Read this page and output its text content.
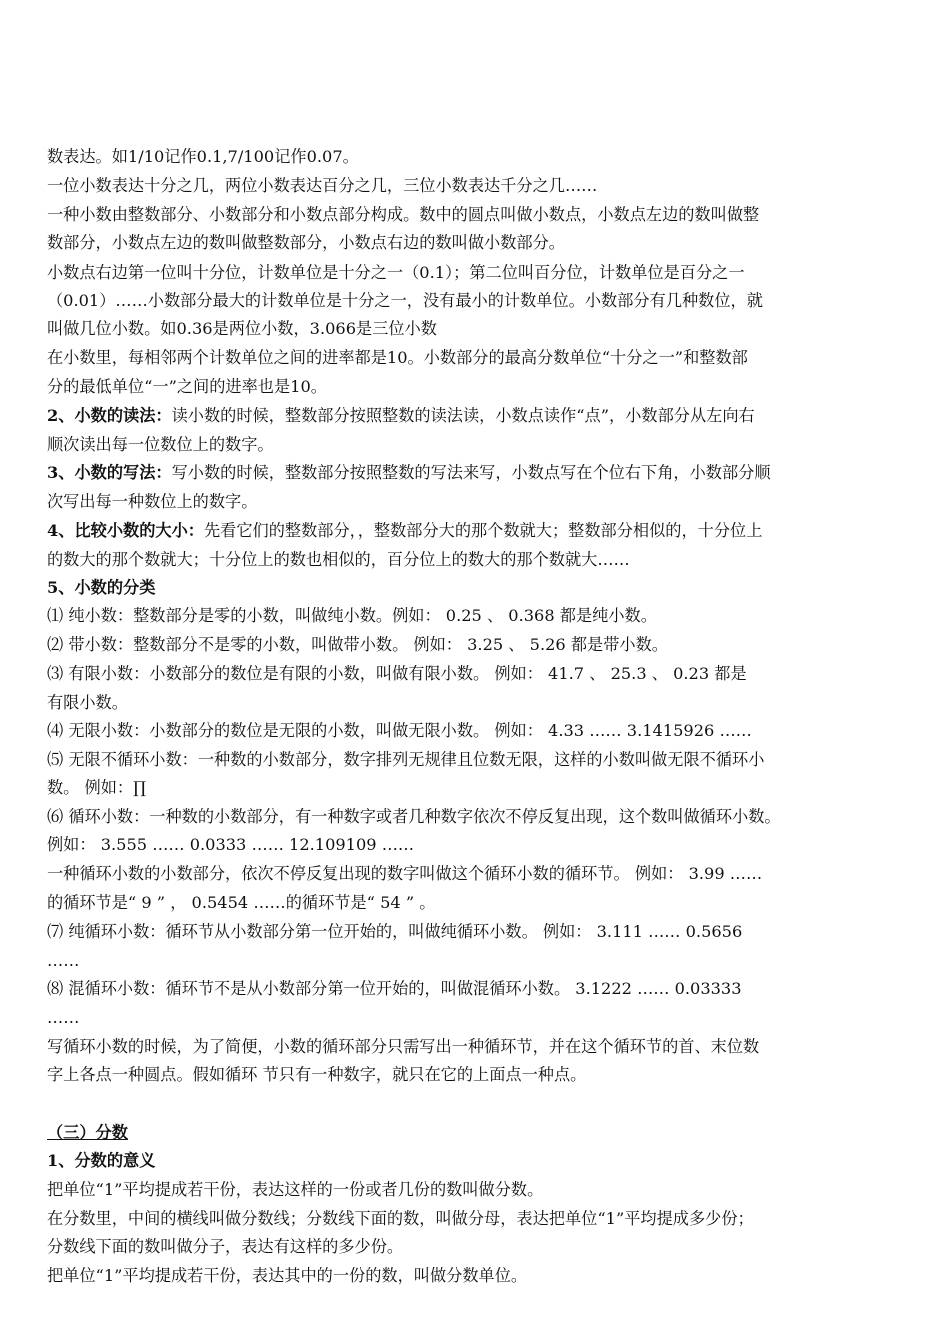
数表达。如1/10记作0.1,7/100记作0.07。
一位小数表达十分之几，两位小数表达百分之几，三位小数表达千分之几……
一种小数由整数部分、小数部分和小数点部分构成。数中的圆点叫做小数点，小数点左边的数叫做整
数部分，小数点左边的数叫做整数部分，小数点右边的数叫做小数部分。
小数点右边第一位叫十分位，计数单位是十分之一（0.1）；第二位叫百分位，计数单位是百分之一
（0.01）……小数部分最大的计数单位是十分之一，没有最小的计数单位。小数部分有几种数位，就
叫做几位小数。如0.36是两位小数，3.066是三位小数
在小数里，每相邻两个计数单位之间的进率都是10。小数部分的最高分数单位“十分之一”和整数部
分的最低单位“一”之间的进率也是10。
2、小数的读法：读小数的时候，整数部分按照整数的读法读，小数点读作“点”，小数部分从左向右
顺次读出每一位数位上的数字。
3、小数的写法：写小数的时候，整数部分按照整数的写法来写，小数点写在个位右下角，小数部分顺
次写出每一种数位上的数字。
4、比较小数的大小：先看它们的整数部分，，整数部分大的那个数就大；整数部分相似的，十分位上
的数大的那个数就大；十分位上的数也相似的，百分位上的数大的那个数就大……
5、小数的分类
⑴ 纯小数：整数部分是零的小数，叫做纯小数。例如： 0.25 、 0.368 都是纯小数。
⑵ 带小数：整数部分不是零的小数，叫做带小数。 例如： 3.25 、 5.26 都是带小数。
⑶ 有限小数：小数部分的数位是有限的小数，叫做有限小数。 例如： 41.7 、 25.3 、 0.23 都是
有限小数。
⑷ 无限小数：小数部分的数位是无限的小数，叫做无限小数。 例如： 4.33 …… 3.1415926 ……
⑸ 无限不循环小数：一种数的小数部分，数字排列无规律且位数无限，这样的小数叫做无限不循环小
数。 例如：∏
⑹ 循环小数：一种数的小数部分，有一种数字或者几种数字依次不停反复出现，这个数叫做循环小数。
例如： 3.555 …… 0.0333 …… 12.109109 ……
一种循环小数的小数部分，依次不停反复出现的数字叫做这个循环小数的循环节。 例如： 3.99 ……
的循环节是“ 9 ” ， 0.5454 ……的循环节是“ 54 ” 。
⑺ 纯循环小数：循环节从小数部分第一位开始的，叫做纯循环小数。 例如： 3.111 …… 0.5656
……
⑻ 混循环小数：循环节不是从小数部分第一位开始的，叫做混循环小数。 3.1222 …… 0.03333
……
写循环小数的时候，为了简便，小数的循环部分只需写出一种循环节，并在这个循环节的首、末位数
字上各点一种圆点。假如循环 节只有一种数字，就只在它的上面点一种点。
（三）分数
1、分数的意义
把单位“1”平均提成若干份，表达这样的一份或者几份的数叫做分数。
在分数里，中间的横线叫做分数线；分数线下面的数，叫做分母，表达把单位“1”平均提成多少份；
分数线下面的数叫做分子，表达有这样的多少份。
把单位“1”平均提成若干份，表达其中的一份的数，叫做分数单位。
